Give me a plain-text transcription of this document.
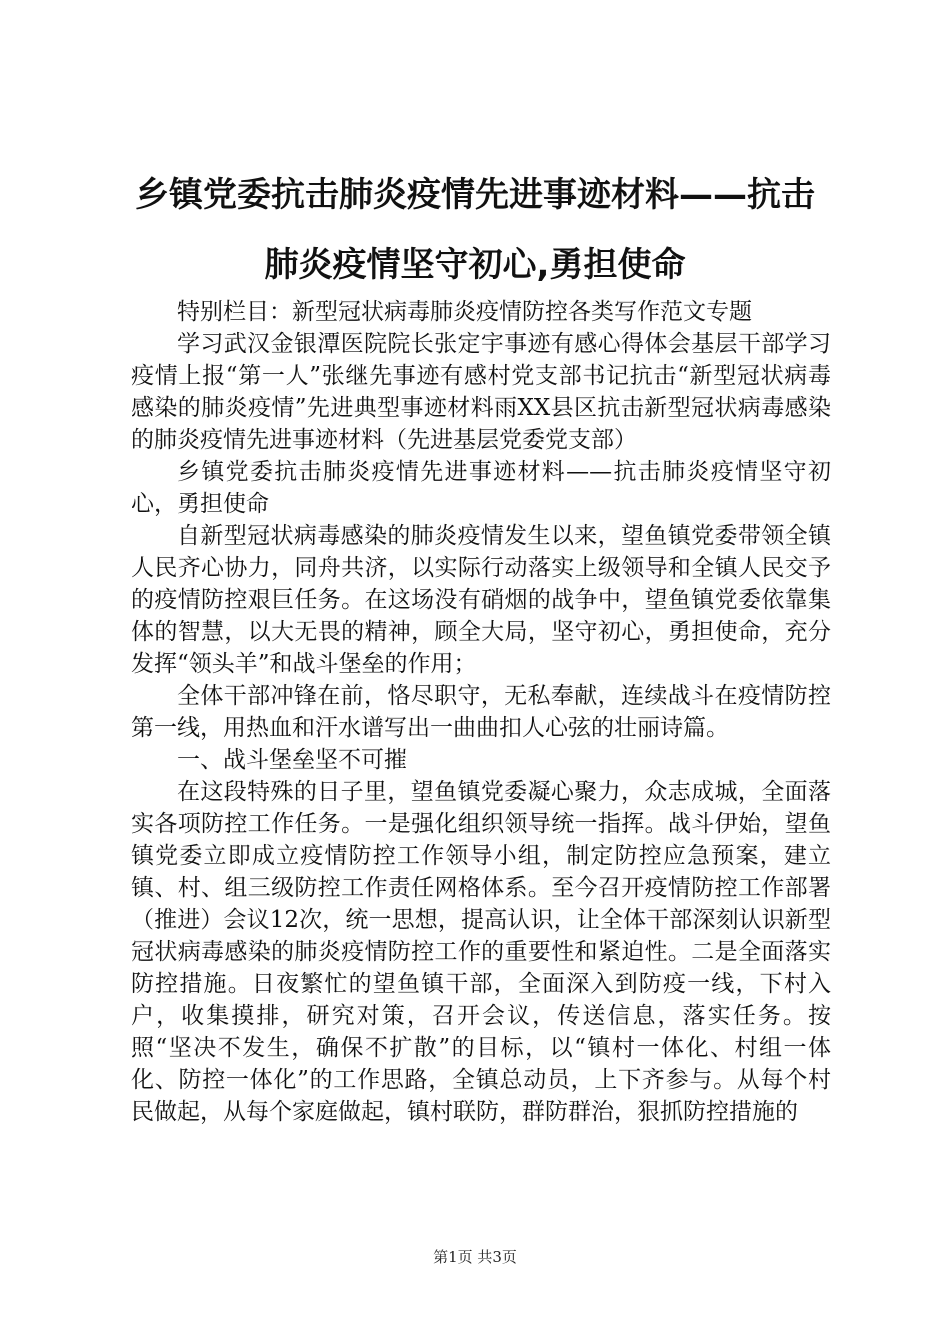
乡镇党委抗击肺炎疫情先进事迹材料——抗击肺炎疫情坚守初心,勇担使命

特别栏目：新型冠状病毒肺炎疫情防控各类写作范文专题

学习武汉金银潭医院院长张定宇事迹有感心得体会基层干部学习疫情上报“第一人”张继先事迹有感村党支部书记抗击“新型冠状病毒感染的肺炎疫情”先进典型事迹材料雨XX县区抗击新型冠状病毒感染的肺炎疫情先进事迹材料（先进基层党委党支部）

乡镇党委抗击肺炎疫情先进事迹材料——抗击肺炎疫情坚守初心，勇担使命

自新型冠状病毒感染的肺炎疫情发生以来，望鱼镇党委带领全镇人民齐心协力，同舟共济，以实际行动落实上级领导和全镇人民交予的疫情防控艰巨任务。在这场没有硝烟的战争中，望鱼镇党委依靠集体的智慧，以大无畏的精神，顾全大局，坚守初心，勇担使命，充分发挥“领头羊”和战斗堡垒的作用；

全体干部冲锋在前，恪尽职守，无私奉献，连续战斗在疫情防控第一线，用热血和汗水谱写出一曲曲扣人心弦的壮丽诗篇。

一、战斗堡垒坚不可摧

在这段特殊的日子里，望鱼镇党委凝心聚力，众志成城，全面落实各项防控工作任务。一是强化组织领导统一指挥。战斗伊始，望鱼镇党委立即成立疫情防控工作领导小组，制定防控应急预案，建立镇、村、组三级防控工作责任网格体系。至今召开疫情防控工作部署（推进）会议12次，统一思想，提高认识，让全体干部深刻认识新型冠状病毒感染的肺炎疫情防控工作的重要性和紧迫性。二是全面落实防控措施。日夜繁忙的望鱼镇干部，全面深入到防疫一线，下村入户，收集摸排，研究对策，召开会议，传送信息，落实任务。按照“坚决不发生，确保不扩散”的目标，以“镇村一体化、村组一体化、防控一体化”的工作思路，全镇总动员，上下齐参与。从每个村民做起，从每个家庭做起，镇村联防，群防群治，狠抓防控措施的

第1页 共3页
